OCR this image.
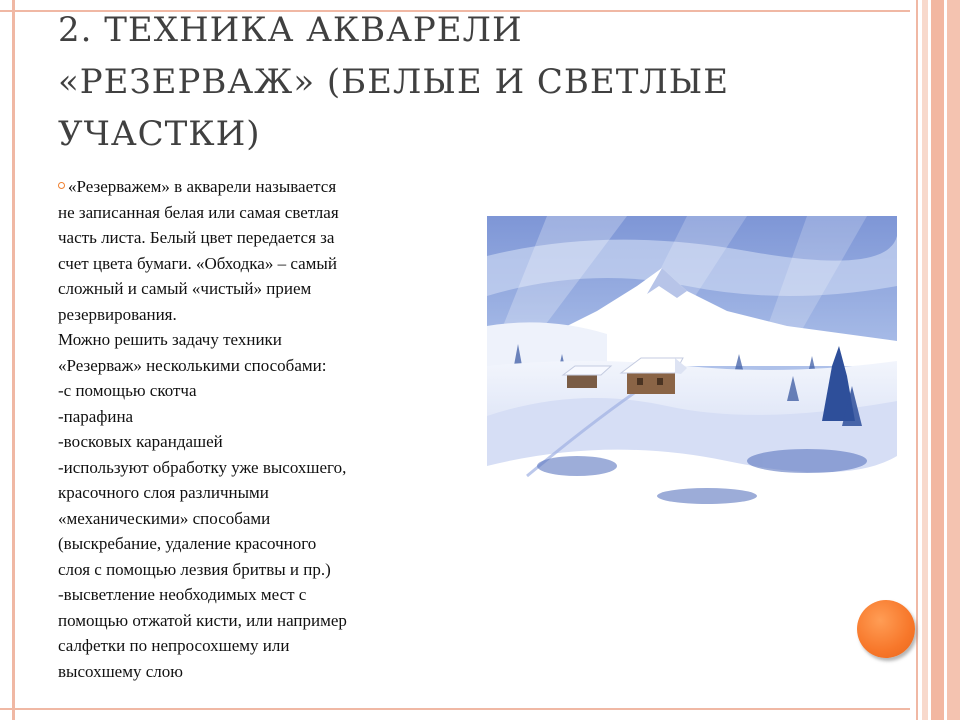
2. ТЕХНИКА АКВАРЕЛИ
«РЕЗЕРВАЖ» (БЕЛЫЕ И СВЕТЛЫЕ
УЧАСТКИ)

«Резерважем» в акварели называется

не записанная белая или самая светлая

часть листа. Белый цвет передается за

счет цвета бумаги. «Обходка» – самый

сложный и самый «чистый» прием

резервирования.

Можно решить задачу техники

«Резерваж» несколькими способами:

-с помощью скотча

-парафина

-восковых карандашей

-используют обработку уже высохшего,

красочного слоя различными

«механическими» способами

(выскребание, удаление красочного

слоя с помощью лезвия бритвы и пр.)

-высветление необходимых мест с

помощью отжатой кисти, или например

салфетки по непросохшему или

высохшему слою
